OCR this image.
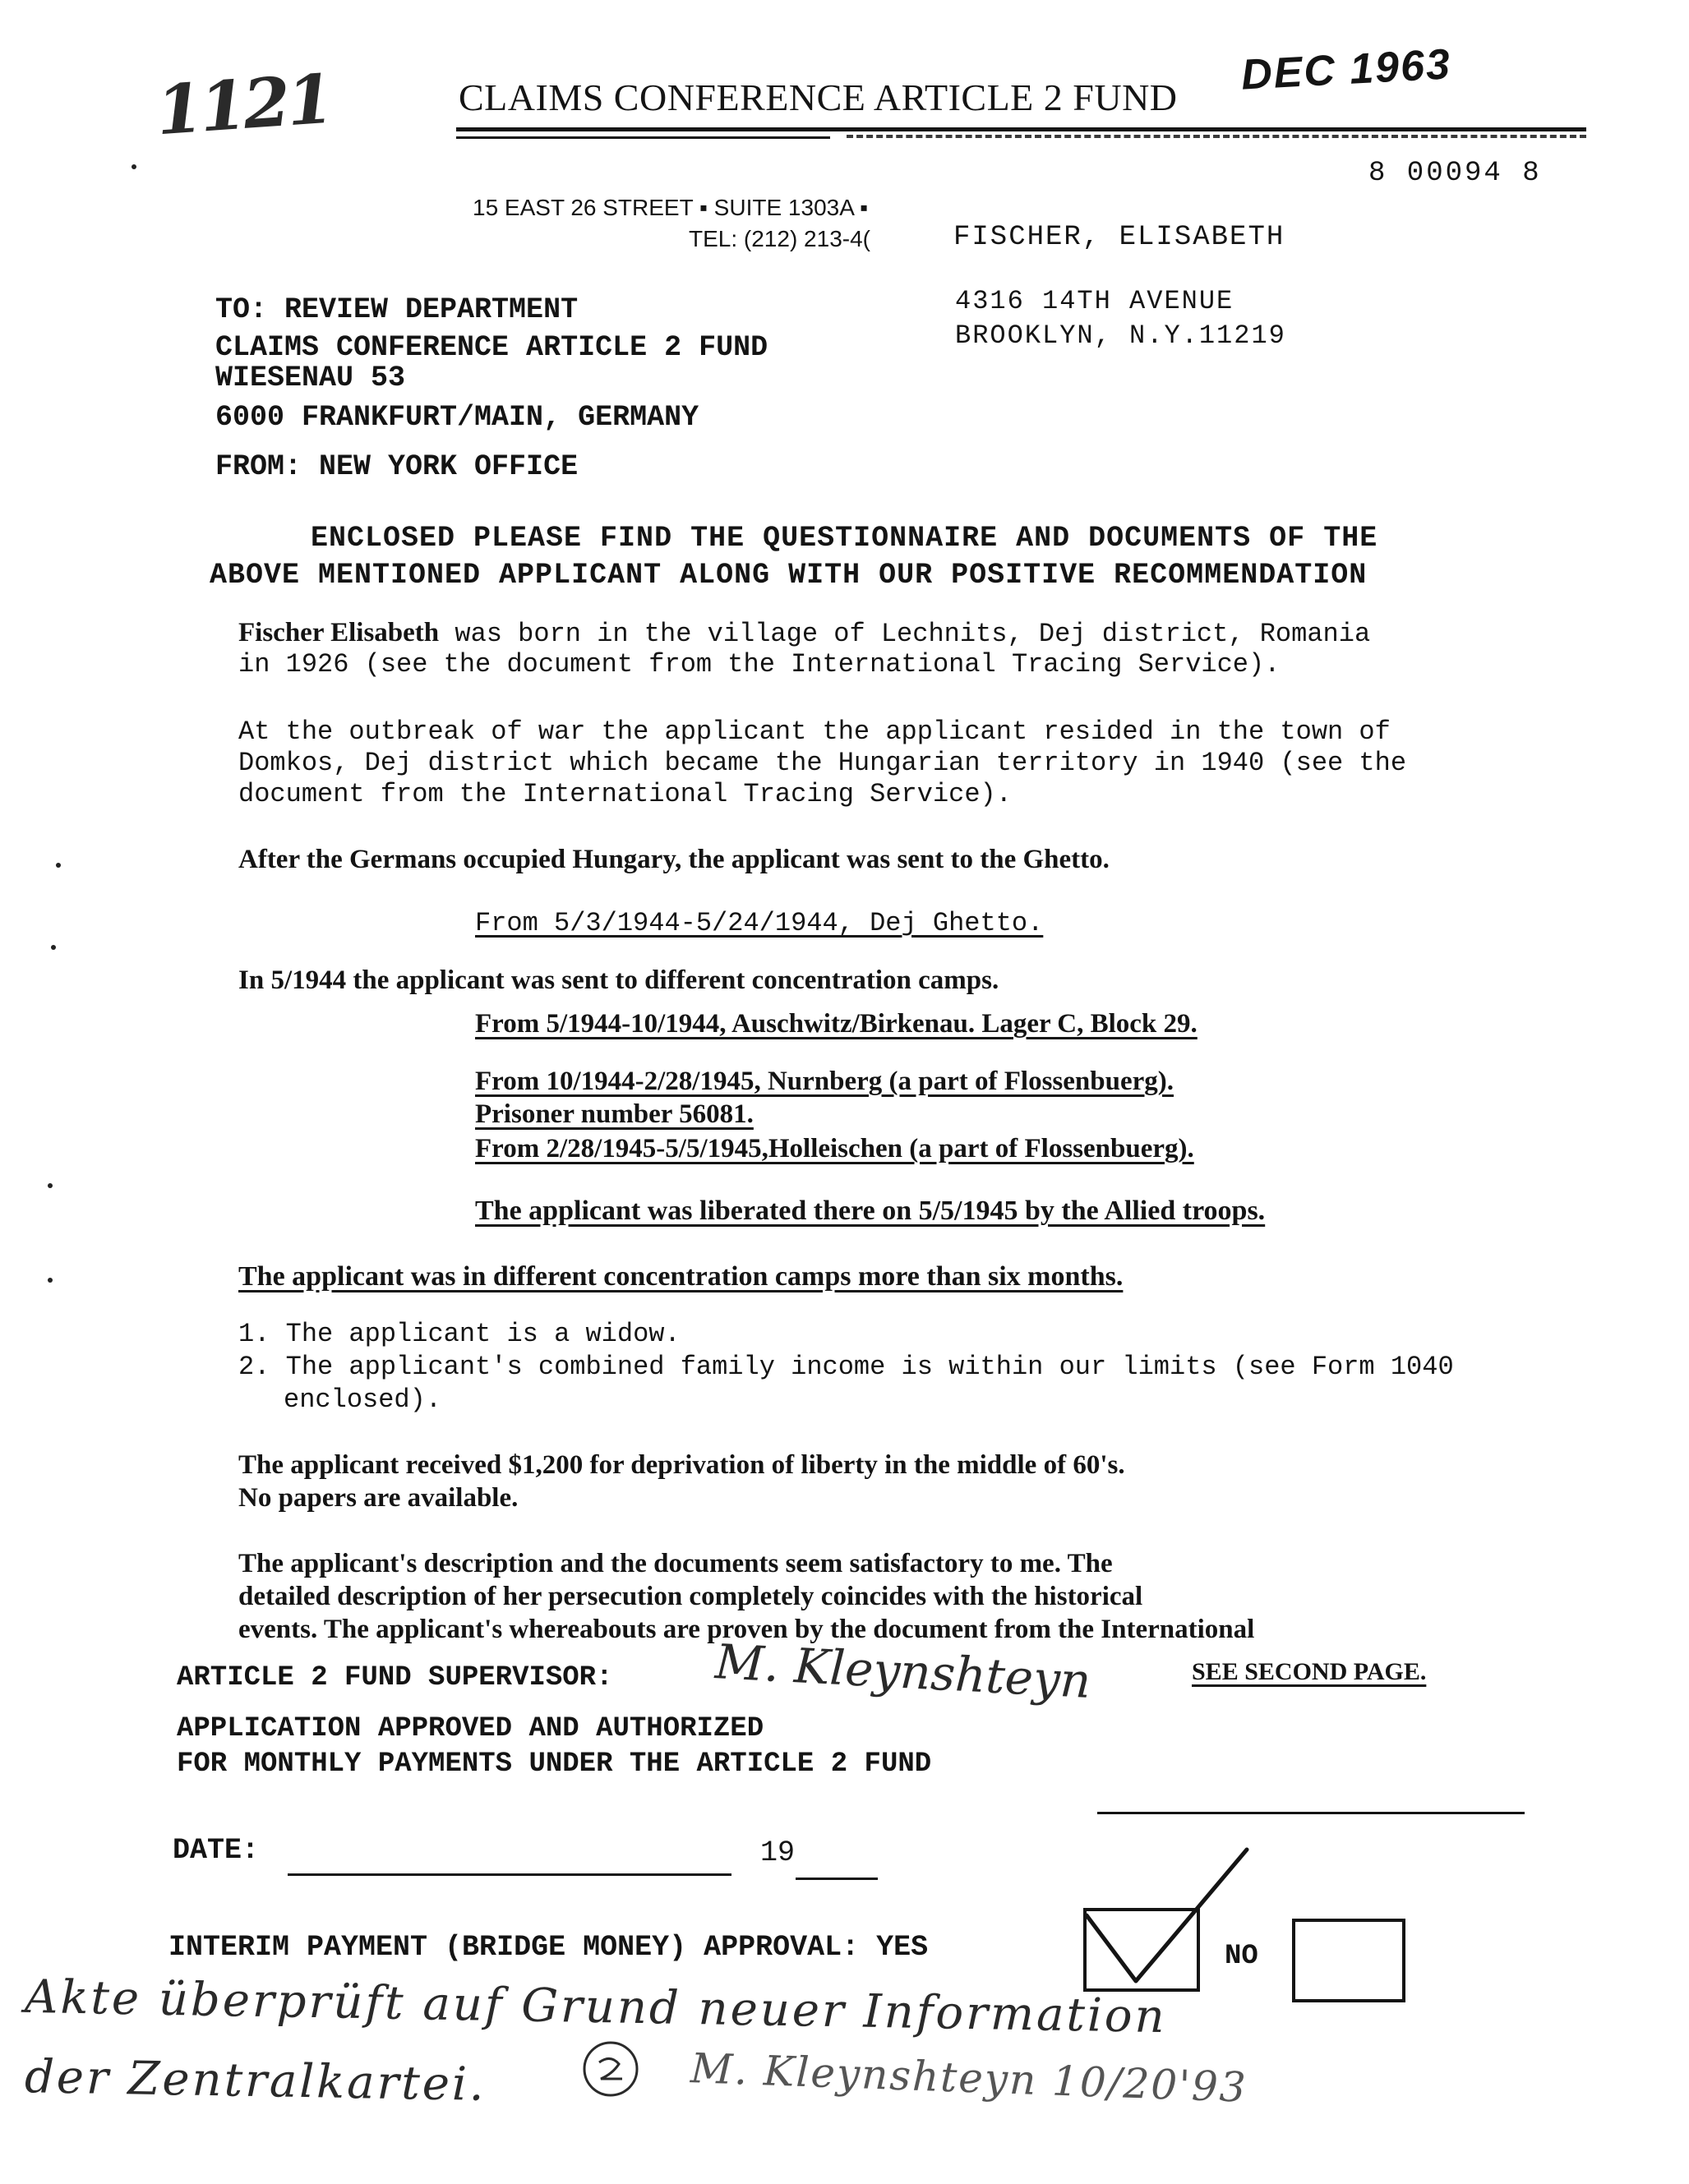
1121	CLAIMS CONFERENCE ARTICLE 2 FUND DEC 1963
8 00094 8
15 EAST 26 STREET ▪ SUITE 1303A ▪
TEL: (212) 213-4(	FISCHER, ELISABETH
4316 14TH AVENUE
BROOKLYN, N.Y.11219
TO: REVIEW DEPARTMENT
CLAIMS CONFERENCE ARTICLE 2 FUND
WIESENAU 53
6000 FRANKFURT/MAIN, GERMANY
FROM: NEW YORK OFFICE
ENCLOSED PLEASE FIND THE QUESTIONNAIRE AND DOCUMENTS OF THE
ABOVE MENTIONED APPLICANT ALONG WITH OUR POSITIVE RECOMMENDATION
Fischer Elisabeth was born in the village of Lechnits, Dej district, Romania
in 1926 (see the document from the International Tracing Service).
At the outbreak of war the applicant the applicant resided in the town of
Domkos, Dej district which became the Hungarian territory in 1940 (see the
document from the International Tracing Service).
After the Germans occupied Hungary, the applicant was sent to the Ghetto.
From 5/3/1944-5/24/1944, Dej Ghetto.
In 5/1944 the applicant was sent to different concentration camps.
From 5/1944-10/1944, Auschwitz/Birkenau. Lager C, Block 29.
From 10/1944-2/28/1945, Nurnberg (a part of Flossenbuerg).
Prisoner number 56081.
From 2/28/1945-5/5/1945,Holleischen (a part of Flossenbuerg).
The applicant was liberated there on 5/5/1945 by the Allied troops.
The applicant was in different concentration camps more than six months.
1. The applicant is a widow.
2. The applicant's combined family income is within our limits (see Form 1040
enclosed).
The applicant received $1,200 for deprivation of liberty in the middle of 60's.
No papers are available.
The applicant's description and the documents seem satisfactory to me. The
detailed description of her persecution completely coincides with the historical
events. The applicant's whereabouts are proven by the document from the International
SEE SECOND PAGE.
ARTICLE 2 FUND SUPERVISOR: M. Kleynshteyn
APPLICATION APPROVED AND AUTHORIZED
FOR MONTHLY PAYMENTS UNDER THE ARTICLE 2 FUND
DATE:	19
INTERIM PAYMENT (BRIDGE MONEY) APPROVAL: YES	NO
Akte überprüft auf Grund neuer Information
der Zentralkartei.	M. Kleynshteyn 10/20'93
